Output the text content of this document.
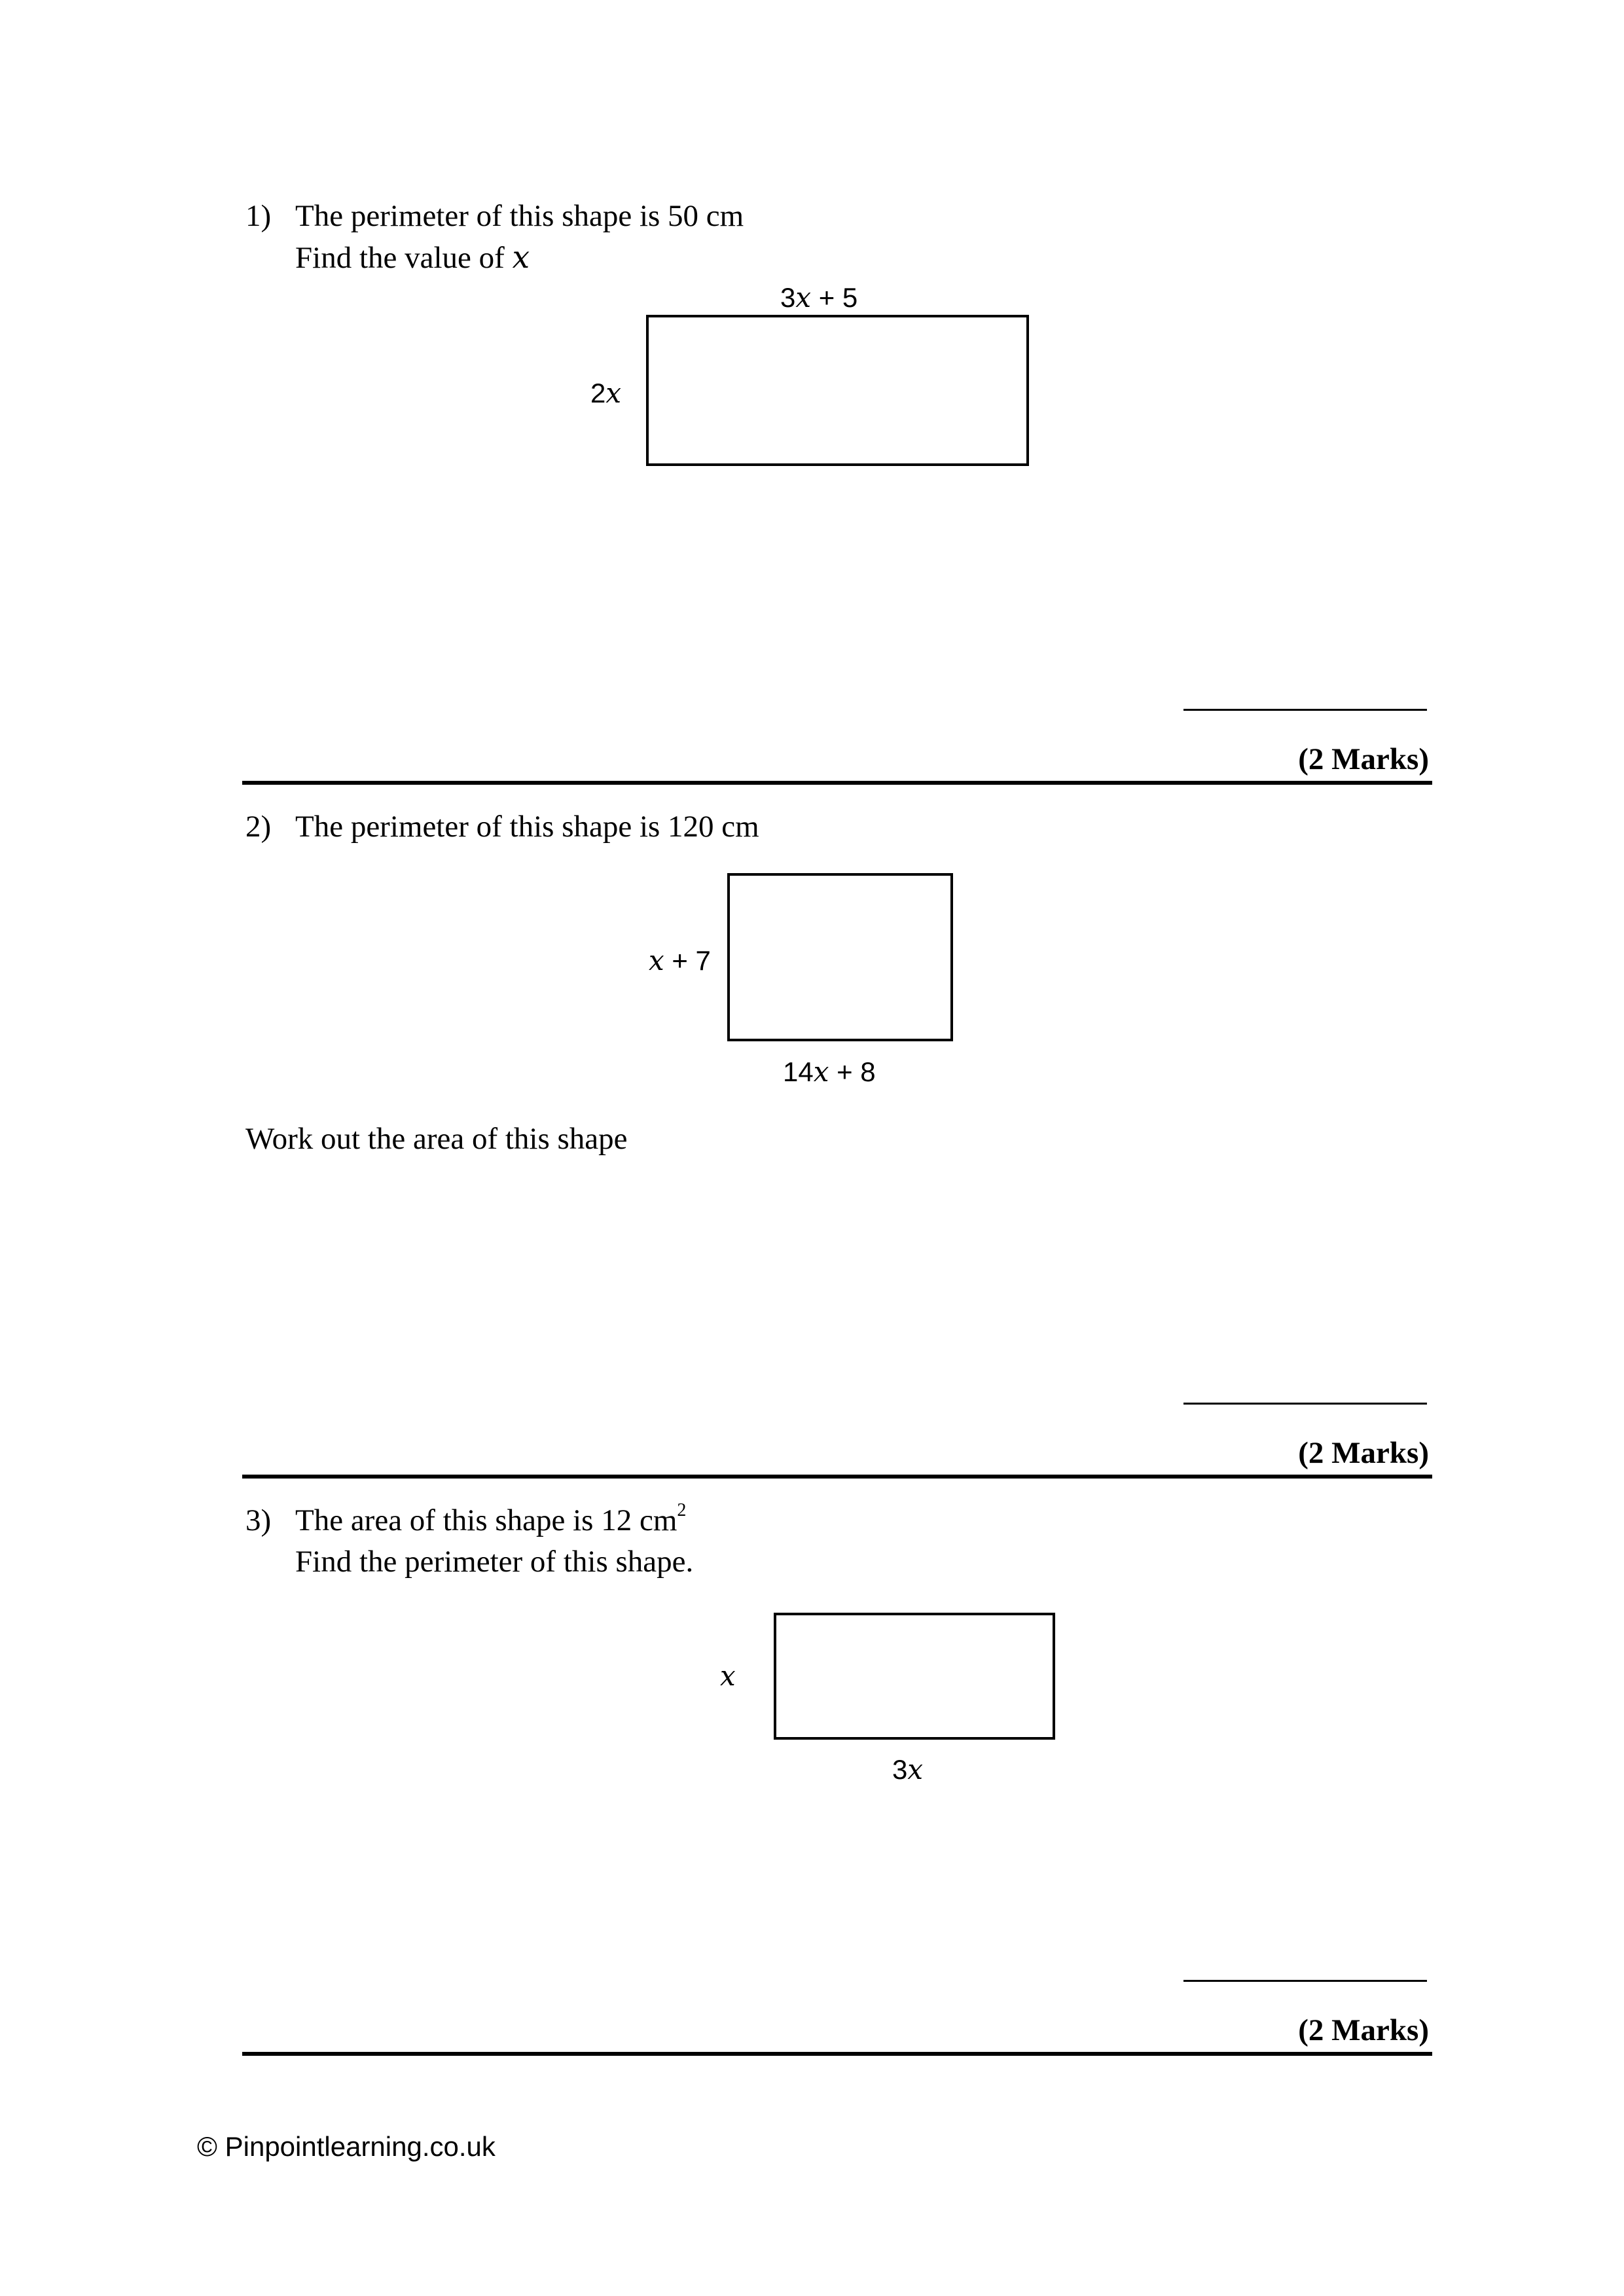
1) The perimeter of this shape is 50 cm
Find the value of x
3x + 5
2x
(2 Marks)
2) The perimeter of this shape is 120 cm
x + 7
14x + 8
Work out the area of this shape
(2 Marks)
3) The area of this shape is 12 $cm^2$
Find the perimeter of this shape.
x
3x
(2 Marks)
© Pinpointlearning.co.uk
